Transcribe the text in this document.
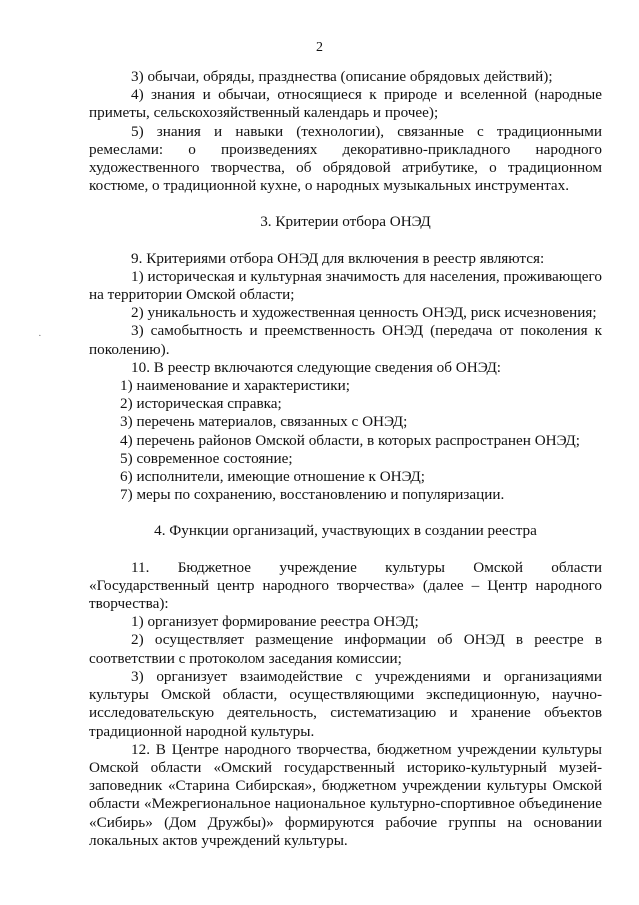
2
·

3) обычаи, обряды, празднества (описание обрядовых действий);

4) знания и обычаи, относящиеся к природе и вселенной (народные приметы, сельскохозяйственный календарь и прочее);

5) знания и навыки (технологии), связанные с традиционными ремеслами: о произведениях декоративно-прикладного народного художественного творчества, об обрядовой атрибутике, о традиционном костюме, о традиционной кухне, о народных музыкальных инструментах.

3. Критерии отбора ОНЭД

9. Критериями отбора ОНЭД для включения в реестр являются:

1) историческая и культурная значимость для населения, проживающего на территории Омской области;

2) уникальность и художественная ценность ОНЭД, риск исчезновения;

3) самобытность и преемственность ОНЭД (передача от поколения к поколению).

10. В реестр включаются следующие сведения об ОНЭД:

1) наименование и характеристики;

2) историческая справка;

3) перечень материалов, связанных с ОНЭД;

4) перечень районов Омской области, в которых распространен ОНЭД;

5) современное состояние;

6) исполнители, имеющие отношение к ОНЭД;

7) меры по сохранению, восстановлению и популяризации.

4. Функции организаций, участвующих в создании реестра

11. Бюджетное учреждение культуры Омской области «Государственный центр народного творчества» (далее – Центр народного творчества):

1) организует формирование реестра ОНЭД;

2) осуществляет размещение информации об ОНЭД в реестре в соответствии с протоколом заседания комиссии;

3) организует взаимодействие с учреждениями и организациями культуры Омской области, осуществляющими экспедиционную, научно-исследовательскую деятельность, систематизацию и хранение объектов традиционной народной культуры.

12. В Центре народного творчества, бюджетном учреждении культуры Омской области «Омский государственный историко-культурный музей-заповедник «Старина Сибирская», бюджетном учреждении культуры Омской области «Межрегиональное национальное культурно-спортивное объединение «Сибирь» (Дом Дружбы)» формируются рабочие группы на основании локальных актов учреждений культуры.
